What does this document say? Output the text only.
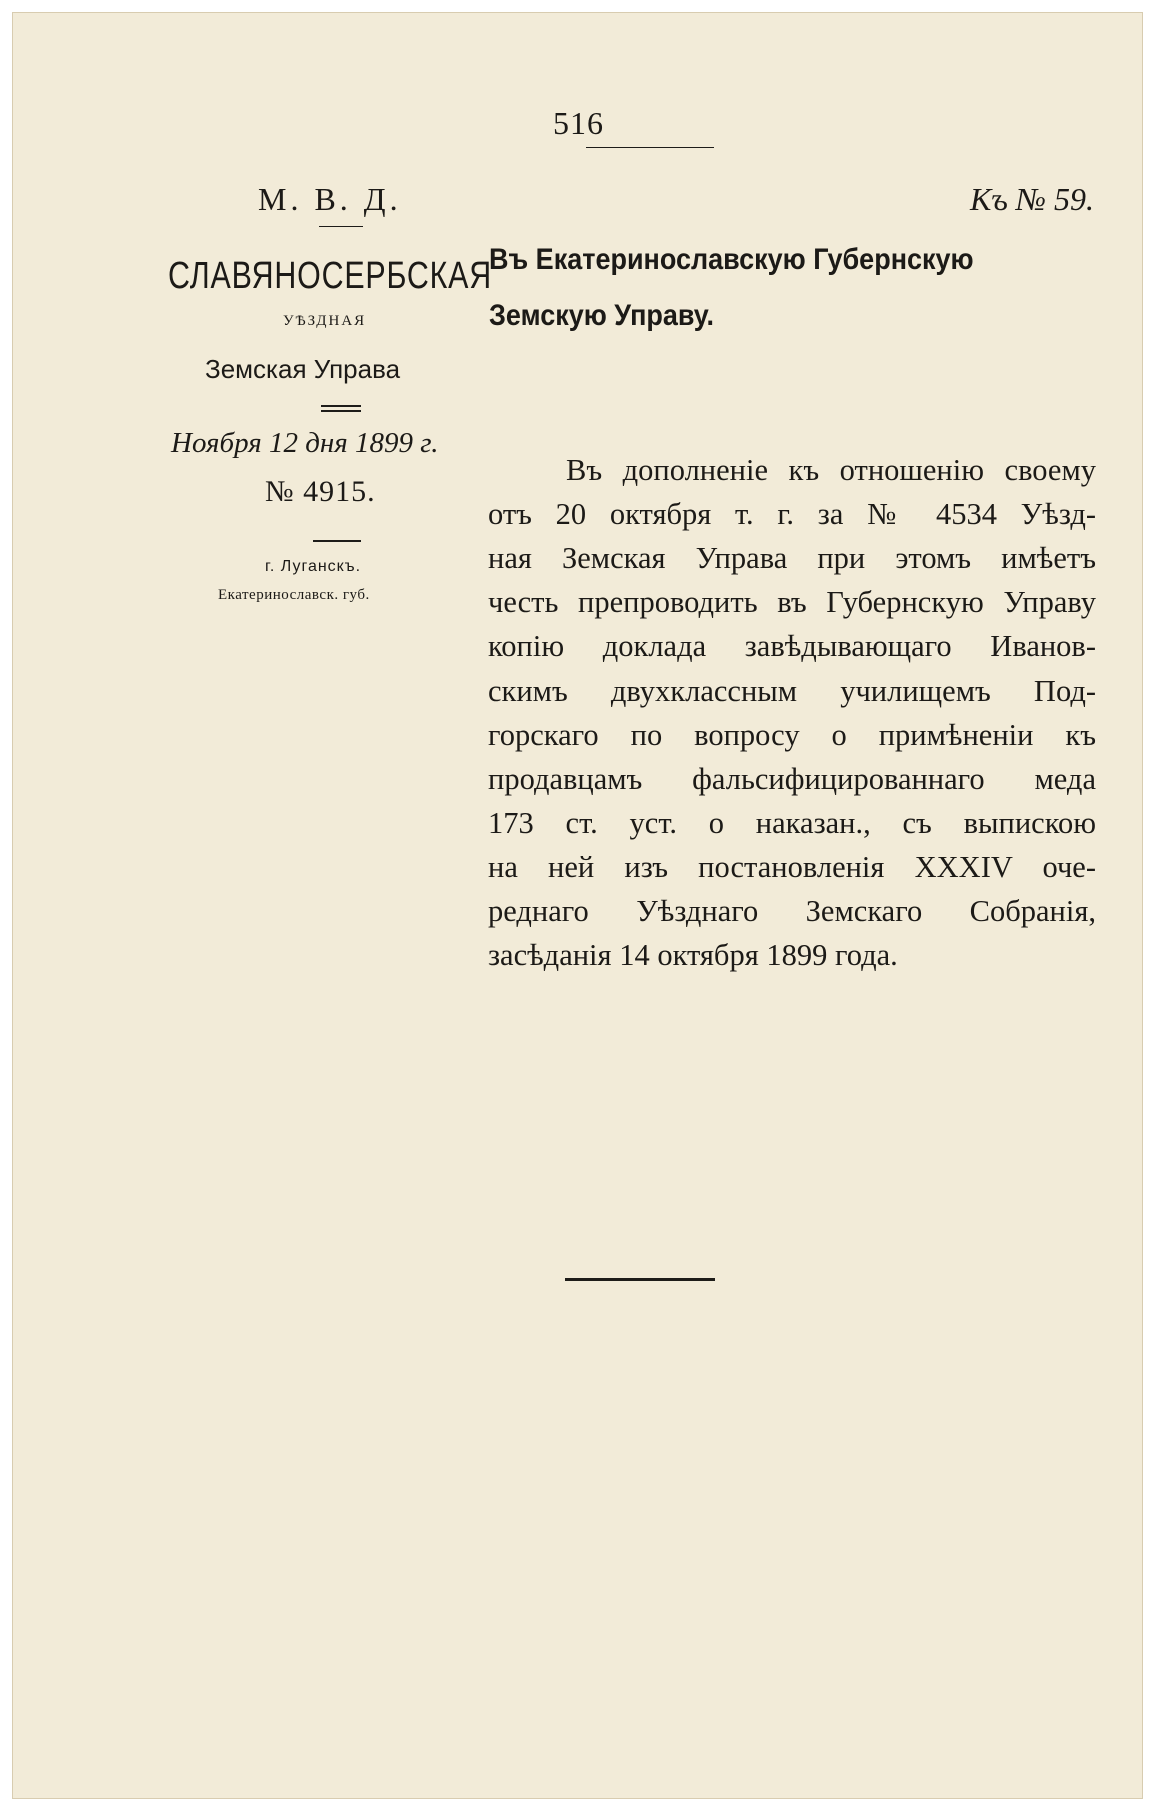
516
М. В. Д.	Къ № 59.
СЛАВЯНОСЕРБСКАЯ
УѢЗДНАЯ
Земская Управа
Ноября 12 дня 1899 г.
№ 4915.
г. Луганскъ.
Екатеринославск. губ.
Въ Екатеринославскую Губернскую
Земскую Управу.
Въ дополненіе къ отношенію своему
отъ 20 октября т. г. за № 4534 Уѣзд-
ная Земская Управа при этомъ имѣетъ
честь препроводить въ Губернскую Управу
копію доклада завѣдывающаго Иванов-
скимъ двухклассным училищемъ Под-
горскаго по вопросу о примѣненіи къ
продавцамъ фальсифицированнаго меда
173 ст. уст. о наказан., съ выпискою
на ней изъ постановленія XXXIV оче-
реднаго Уѣзднаго Земскаго Собранія,
засѣданія 14 октября 1899 года.
